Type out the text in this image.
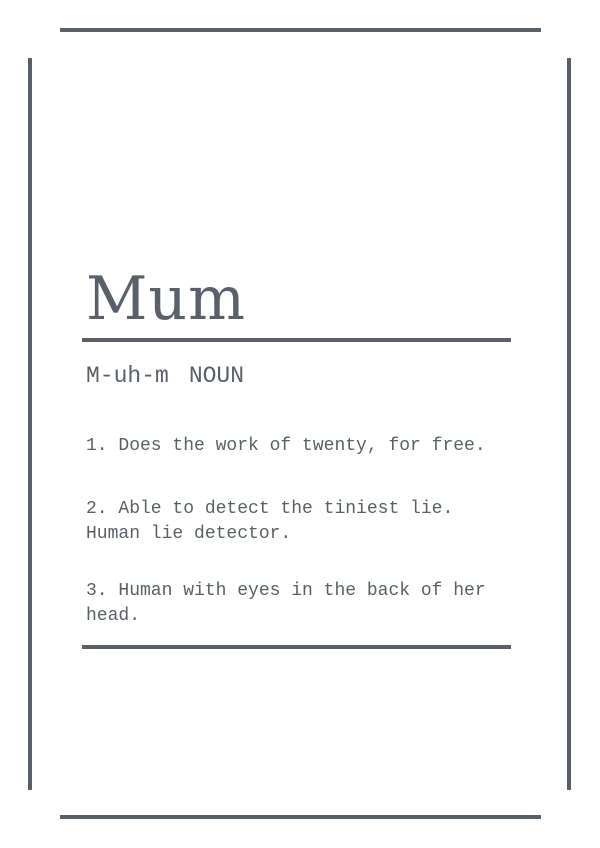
Mum
M-uh-m NOUN
1. Does the work of twenty, for free.
2. Able to detect the tiniest lie.
Human lie detector.
3. Human with eyes in the back of her
head.
